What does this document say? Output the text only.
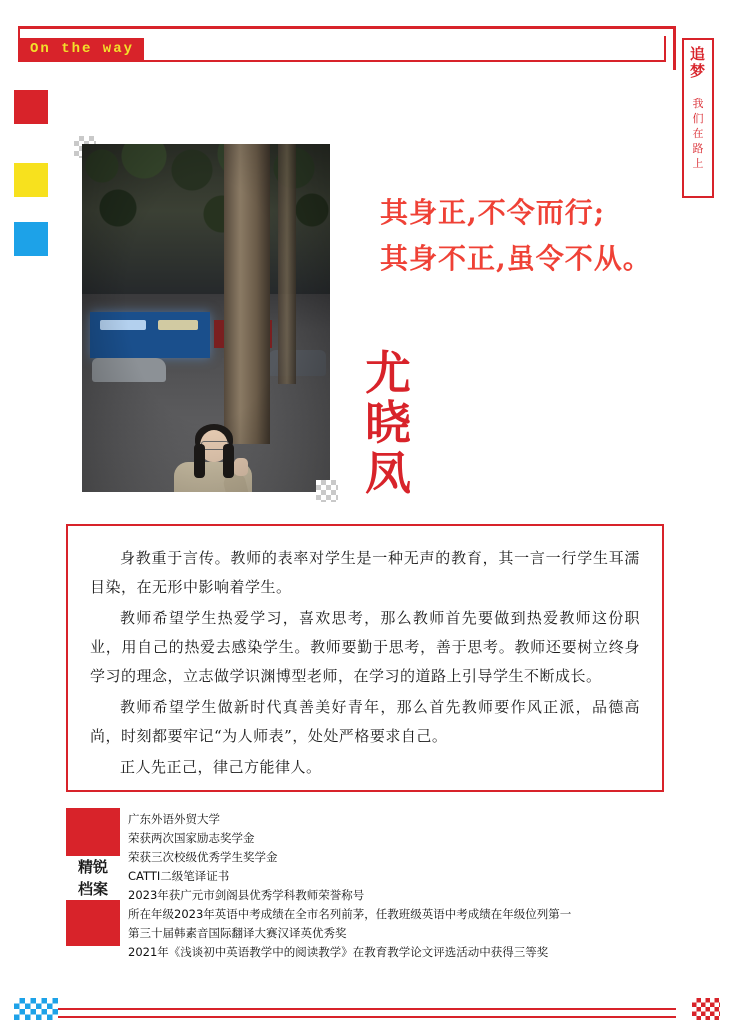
On the way	追梦
我们在路上
其身正,不令而行;
其身不正,虽令不从。
尤晓凤

身教重于言传。教师的表率对学生是一种无声的教育，其一言一行学生耳濡目染，在无形中影响着学生。

教师希望学生热爱学习，喜欢思考，那么教师首先要做到热爱教师这份职业，用自己的热爱去感染学生。教师要勤于思考，善于思考。教师还要树立终身学习的理念，立志做学识渊博型老师，在学习的道路上引导学生不断成长。

教师希望学生做新时代真善美好青年，那么首先教师要作风正派，品德高尚，时刻都要牢记“为人师表”，处处严格要求自己。

正人先正己，律己方能律人。

精锐
档案
广东外语外贸大学
荣获两次国家励志奖学金
荣获三次校级优秀学生奖学金
CATTI二级笔译证书
2023年获广元市剑阁县优秀学科教师荣誉称号
所在年级2023年英语中考成绩在全市名列前茅，任教班级英语中考成绩在年级位列第一
第三十届韩素音国际翻译大赛汉译英优秀奖
2021年《浅谈初中英语教学中的阅读教学》在教育教学论文评选活动中获得三等奖
